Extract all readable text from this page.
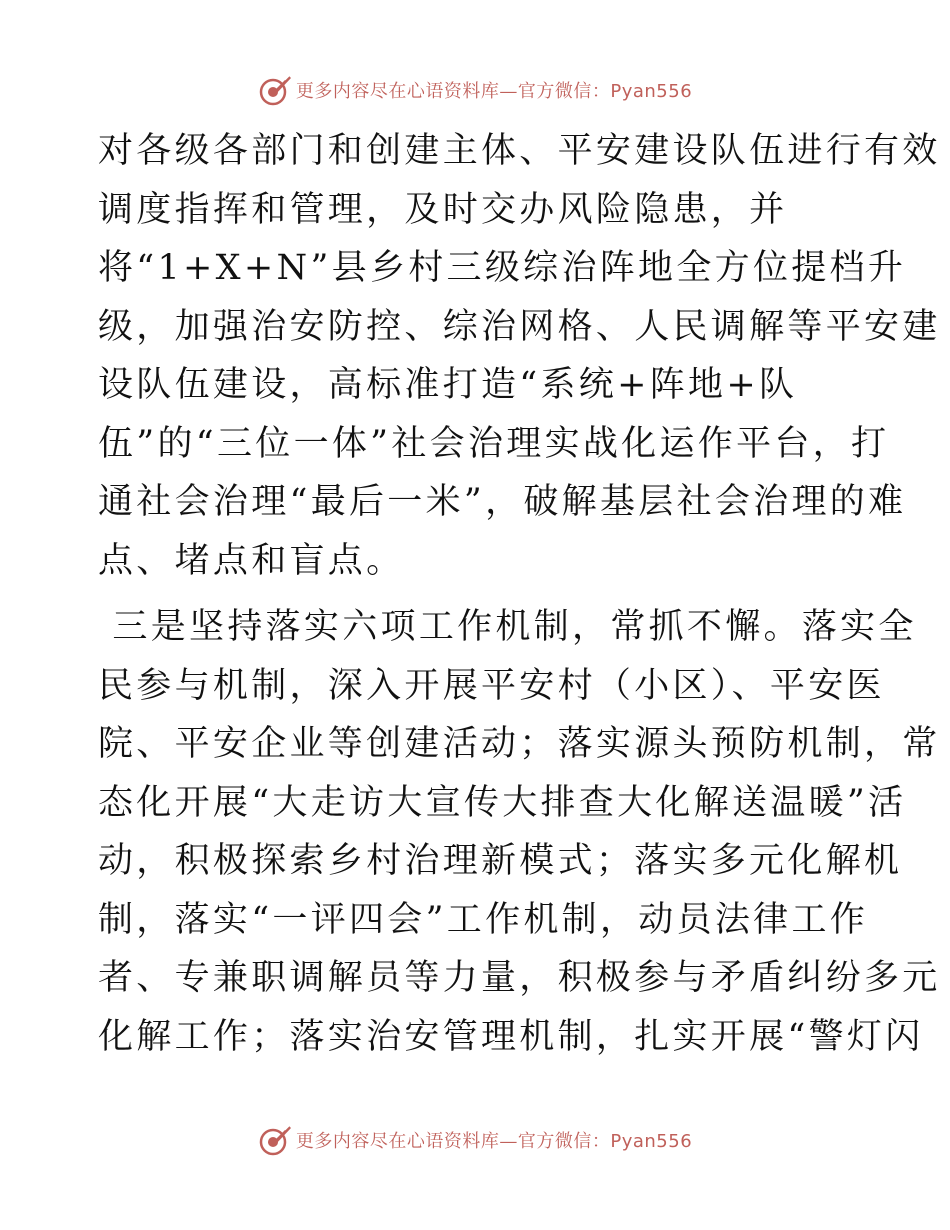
更多内容尽在心语资料库—官方微信：Pyan556
对各级各部门和创建主体、平安建设队伍进行有效
调度指挥和管理，及时交办风险隐患，并
将“1+X+N”县乡村三级综治阵地全方位提档升
级，加强治安防控、综治网格、人民调解等平安建
设队伍建设，高标准打造“系统+阵地+队
伍”的“三位一体”社会治理实战化运作平台，打
通社会治理“最后一米”，破解基层社会治理的难
点、堵点和盲点。
三是坚持落实六项工作机制，常抓不懈。落实全
民参与机制，深入开展平安村（小区）、平安医
院、平安企业等创建活动；落实源头预防机制，常
态化开展“大走访大宣传大排查大化解送温暖”活
动，积极探索乡村治理新模式；落实多元化解机
制，落实“一评四会”工作机制，动员法律工作
者、专兼职调解员等力量，积极参与矛盾纠纷多元
化解工作；落实治安管理机制，扎实开展“警灯闪
更多内容尽在心语资料库—官方微信：Pyan556
